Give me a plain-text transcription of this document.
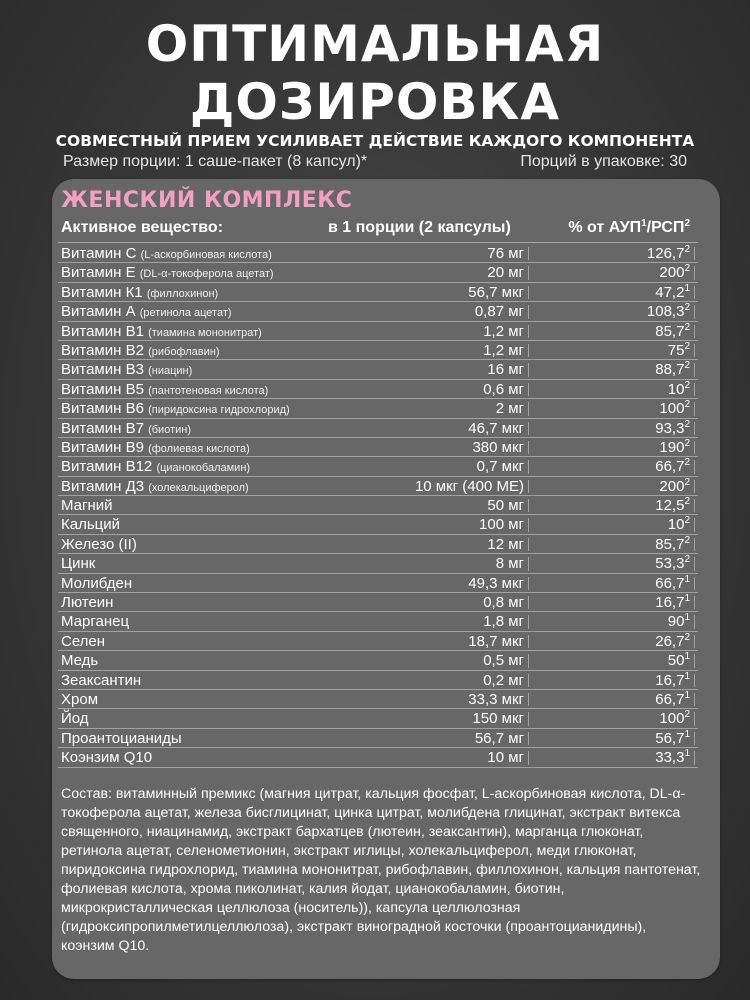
ОПТИМАЛЬНАЯ
ДОЗИРОВКА

СОВМЕСТНЫЙ ПРИЕМ УСИЛИВАЕТ ДЕЙСТВИЕ КАЖДОГО КОМПОНЕНТА

Размер порции: 1 саше-пакет (8 капсул)*	Порций в упаковке: 30
ЖЕНСКИЙ КОМПЛЕКС
Активное вещество:	в 1 порции (2 капсулы)	% от АУП$^1$/РСП$^2$
Витамин С (L-аскорбиновая кислота)	76 мг	126,7$^2$
Витамин Е (DL-α-токоферола ацетат)	20 мг	$200^2$
Витамин К1 (филлохинон)	56,7 мкг	47,2$^1$
Витамин А (ретинола ацетат)	0,87 мг	108,3$^2$
Витамин В1 (тиамина мононитрат)	1,2 мг	85,7$^2$
Витамин В2 (рибофлавин)	1,2 мг	$75^2$
Витамин В3 (ниацин)	16 мг	88,7$^2$
Витамин В5 (пантотеновая кислота)	0,6 мг	$10^2$
Витамин В6 (пиридоксина гидрохлорид)	2 мг	$100^2$
Витамин В7 (биотин)	46,7 мкг	93,3$^2$
Витамин В9 (фолиевая кислота)	380 мкг	$190^2$
Витамин В12 (цианокобаламин)	0,7 мкг	66,7$^2$
Витамин Д3 (холекальциферол)	10 мкг (400 МЕ)	$200^2$
Магний	50 мг	12,5$^2$
Кальций	100 мг	$10^2$
Железо (II)	12 мг	85,7$^2$
Цинк	8 мг	53,3$^2$
Молибден	49,3 мкг	66,7$^1$
Лютеин	0,8 мг	16,7$^1$
Марганец	1,8 мг	$90^1$
Селен	18,7 мкг	26,7$^2$
Медь	0,5 мг	$50^1$
Зеаксантин	0,2 мг	16,7$^1$
Хром	33,3 мкг	66,7$^1$
Йод	150 мкг	$100^2$
Проантоцианиды	56,7 мг	56,7$^1$
Коэнзим Q10	10 мг	33,3$^1$

Состав: витаминный премикс (магния цитрат, кальция фосфат, L-аскорбиновая кислота, DL-α-токоферола ацетат, железа бисглицинат, цинка цитрат, молибдена глицинат, экстракт витекса священного, ниацинамид, экстракт бархатцев (лютеин, зеаксантин), марганца глюконат, ретинола ацетат, селенометионин, экстракт иглицы, холекальциферол, меди глюконат, пиридоксина гидрохлорид, тиамина мононитрат, рибофлавин, филлохинон, кальция пантотенат, фолиевая кислота, хрома пиколинат, калия йодат, цианокобаламин, биотин, микрокристаллическая целлюлоза (носитель)), капсула целлюлозная (гидроксипропилметилцеллюлоза), экстракт виноградной косточки (проантоцианидины), коэнзим Q10.
